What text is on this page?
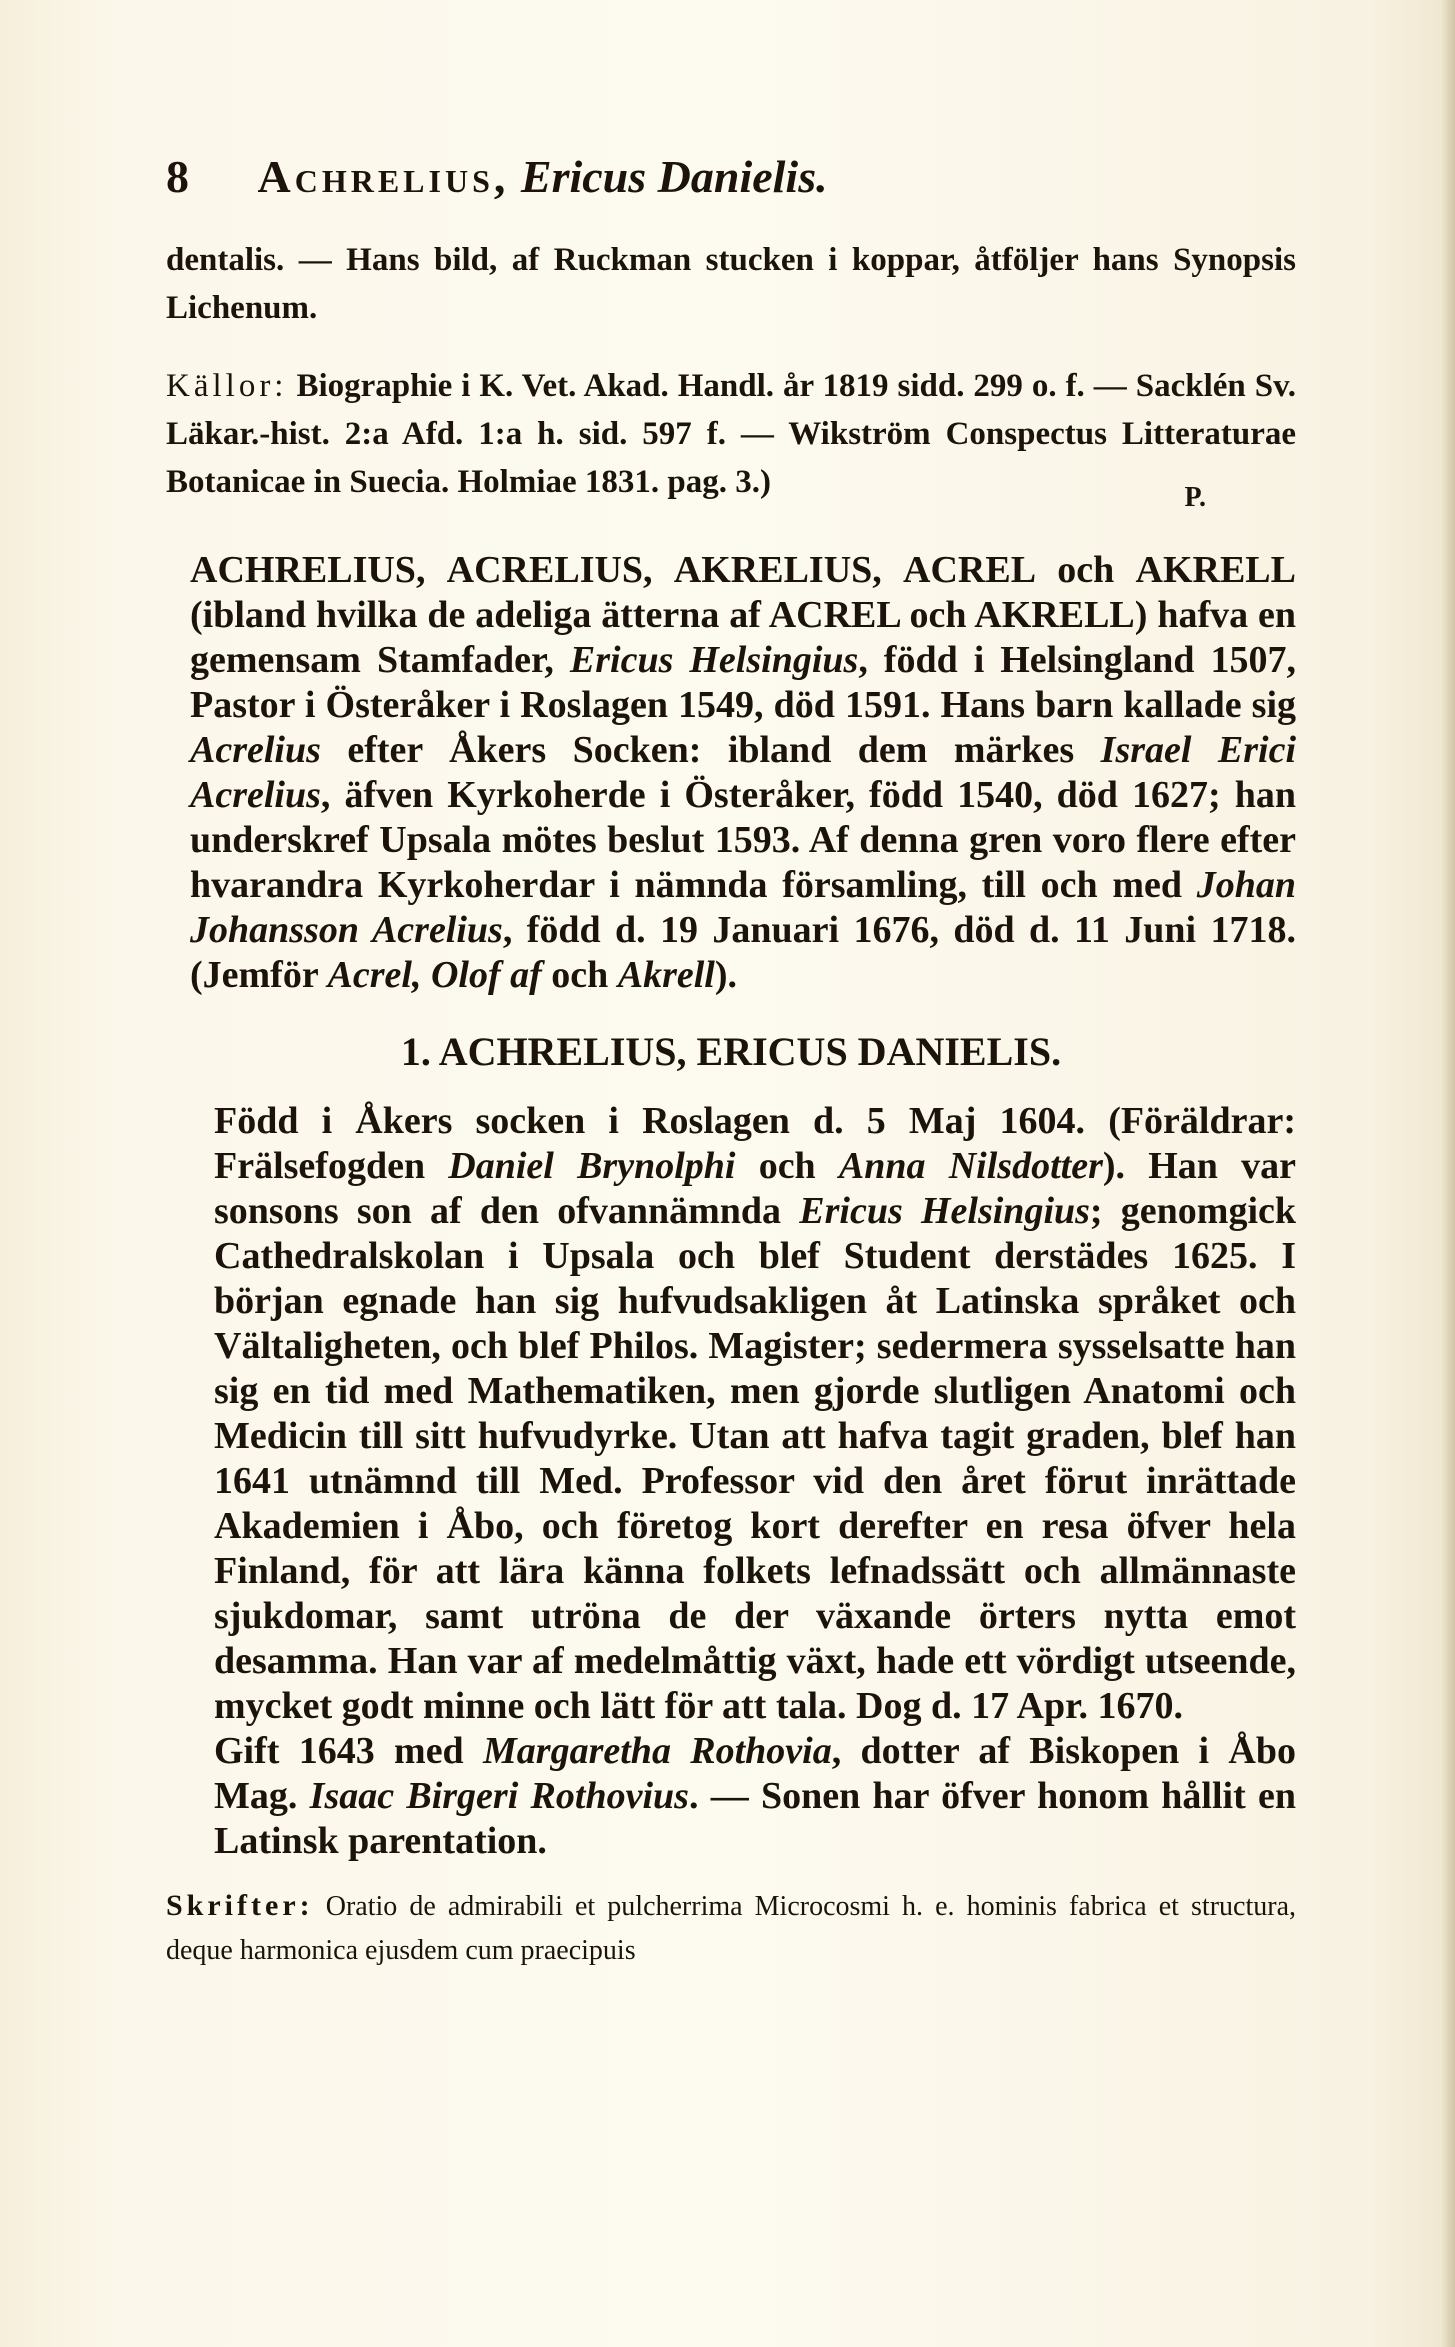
8 Achrelius, Ericus Danielis.

dentalis. — Hans bild, af Ruckman stucken i koppar, åtföljer hans Synopsis Lichenum.

Källor: Biographie i K. Vet. Akad. Handl. år 1819 sidd. 299 o. f. — Sacklén Sv. Läkar.-hist. 2:a Afd. 1:a h. sid. 597 f. — Wikström Conspectus Litteraturae Botanicae in Suecia. Holmiae 1831. pag. 3.)	P.

ACHRELIUS, ACRELIUS, AKRELIUS, ACREL och AKRELL (ibland hvilka de adeliga ätterna af ACREL och AKRELL) hafva en gemensam Stamfader, Ericus Helsingius, född i Helsingland 1507, Pastor i Österåker i Roslagen 1549, död 1591. Hans barn kallade sig Acrelius efter Åkers Socken: ibland dem märkes Israel Erici Acrelius, äfven Kyrkoherde i Österåker, född 1540, död 1627; han underskref Upsala mötes beslut 1593. Af denna gren voro flere efter hvarandra Kyrkoherdar i nämnda församling, till och med Johan Johansson Acrelius, född d. 19 Januari 1676, död d. 11 Juni 1718. (Jemför Acrel, Olof af och Akrell).

1. ACHRELIUS, ERICUS DANIELIS.

Född i Åkers socken i Roslagen d. 5 Maj 1604. (Föräldrar: Frälsefogden Daniel Brynolphi och Anna Nilsdotter). Han var sonsons son af den ofvannämnda Ericus Helsingius; genomgick Cathedralskolan i Upsala och blef Student derstädes 1625. I början egnade han sig hufvudsakligen åt Latinska språket och Vältaligheten, och blef Philos. Magister; sedermera sysselsatte han sig en tid med Mathematiken, men gjorde slutligen Anatomi och Medicin till sitt hufvudyrke. Utan att hafva tagit graden, blef han 1641 utnämnd till Med. Professor vid den året förut inrättade Akademien i Åbo, och företog kort derefter en resa öfver hela Finland, för att lära känna folkets lefnadssätt och allmännaste sjukdomar, samt utröna de der växande örters nytta emot desamma. Han var af medelmåttig växt, hade ett vördigt utseende, mycket godt minne och lätt för att tala. Dog d. 17 Apr. 1670.

Gift 1643 med Margaretha Rothovia, dotter af Biskopen i Åbo Mag. Isaac Birgeri Rothovius. — Sonen har öfver honom hållit en Latinsk parentation.

Skrifter: Oratio de admirabili et pulcherrima Microcosmi h. e. hominis fabrica et structura, deque harmonica ejusdem cum praecipuis
